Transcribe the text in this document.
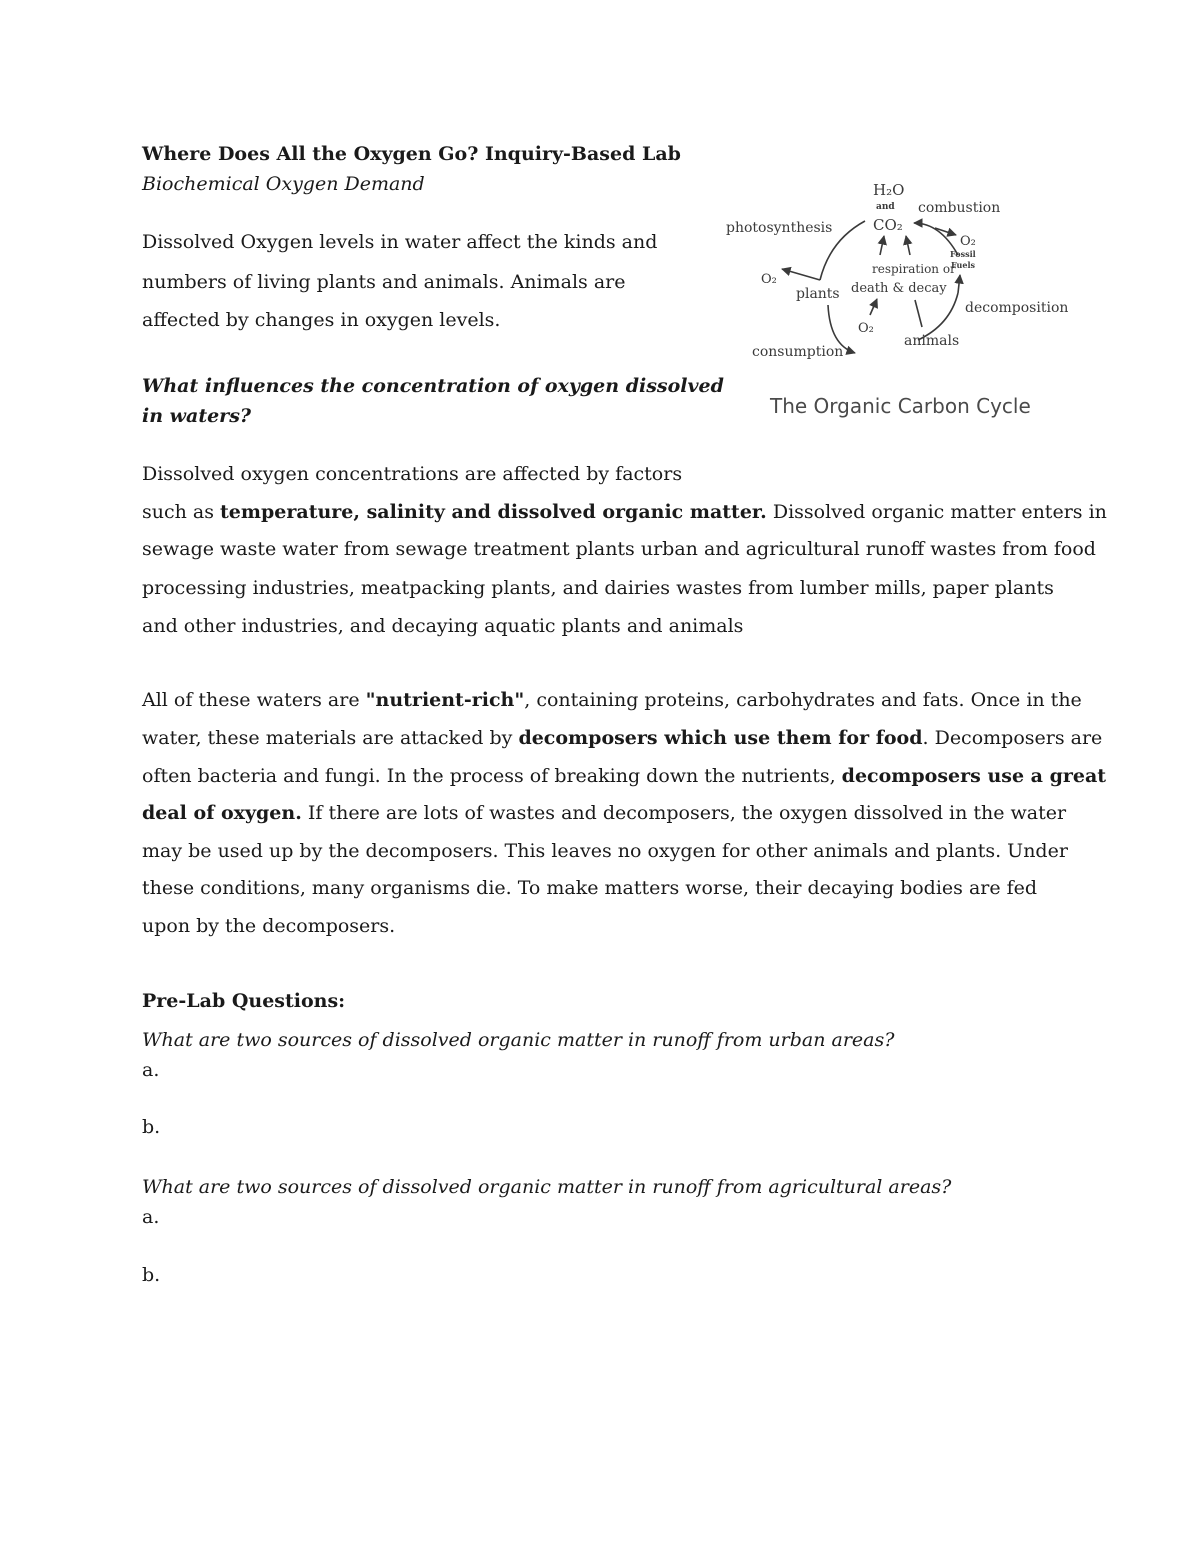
Where Does All the Oxygen Go? Inquiry-Based Lab
Biochemical Oxygen Demand
Dissolved Oxygen levels in water affect the kinds and
numbers of living plants and animals. Animals are
affected by changes in oxygen levels.
What influences the concentration of oxygen dissolved
in waters?
Dissolved oxygen concentrations are affected by factors
such as temperature, salinity and dissolved organic matter. Dissolved organic matter enters in
sewage waste water from sewage treatment plants urban and agricultural runoff wastes from food
processing industries, meatpacking plants, and dairies wastes from lumber mills, paper plants
and other industries, and decaying aquatic plants and animals
All of these waters are "nutrient-rich", containing proteins, carbohydrates and fats. Once in the
water, these materials are attacked by decomposers which use them for food. Decomposers are
often bacteria and fungi. In the process of breaking down the nutrients, decomposers use a great
deal of oxygen. If there are lots of wastes and decomposers, the oxygen dissolved in the water
may be used up by the decomposers. This leaves no oxygen for other animals and plants. Under
these conditions, many organisms die. To make matters worse, their decaying bodies are fed
upon by the decomposers.
Pre-Lab Questions:
What are two sources of dissolved organic matter in runoff from urban areas?
a.
b.
What are two sources of dissolved organic matter in runoff from agricultural areas?
a.
b.
H₂O
and
CO₂
combustion
photosynthesis
O₂
Fossil
Fuels
O₂
plants
respiration or
death & decay
decomposition
O₂
animals
consumption
The Organic Carbon Cycle
